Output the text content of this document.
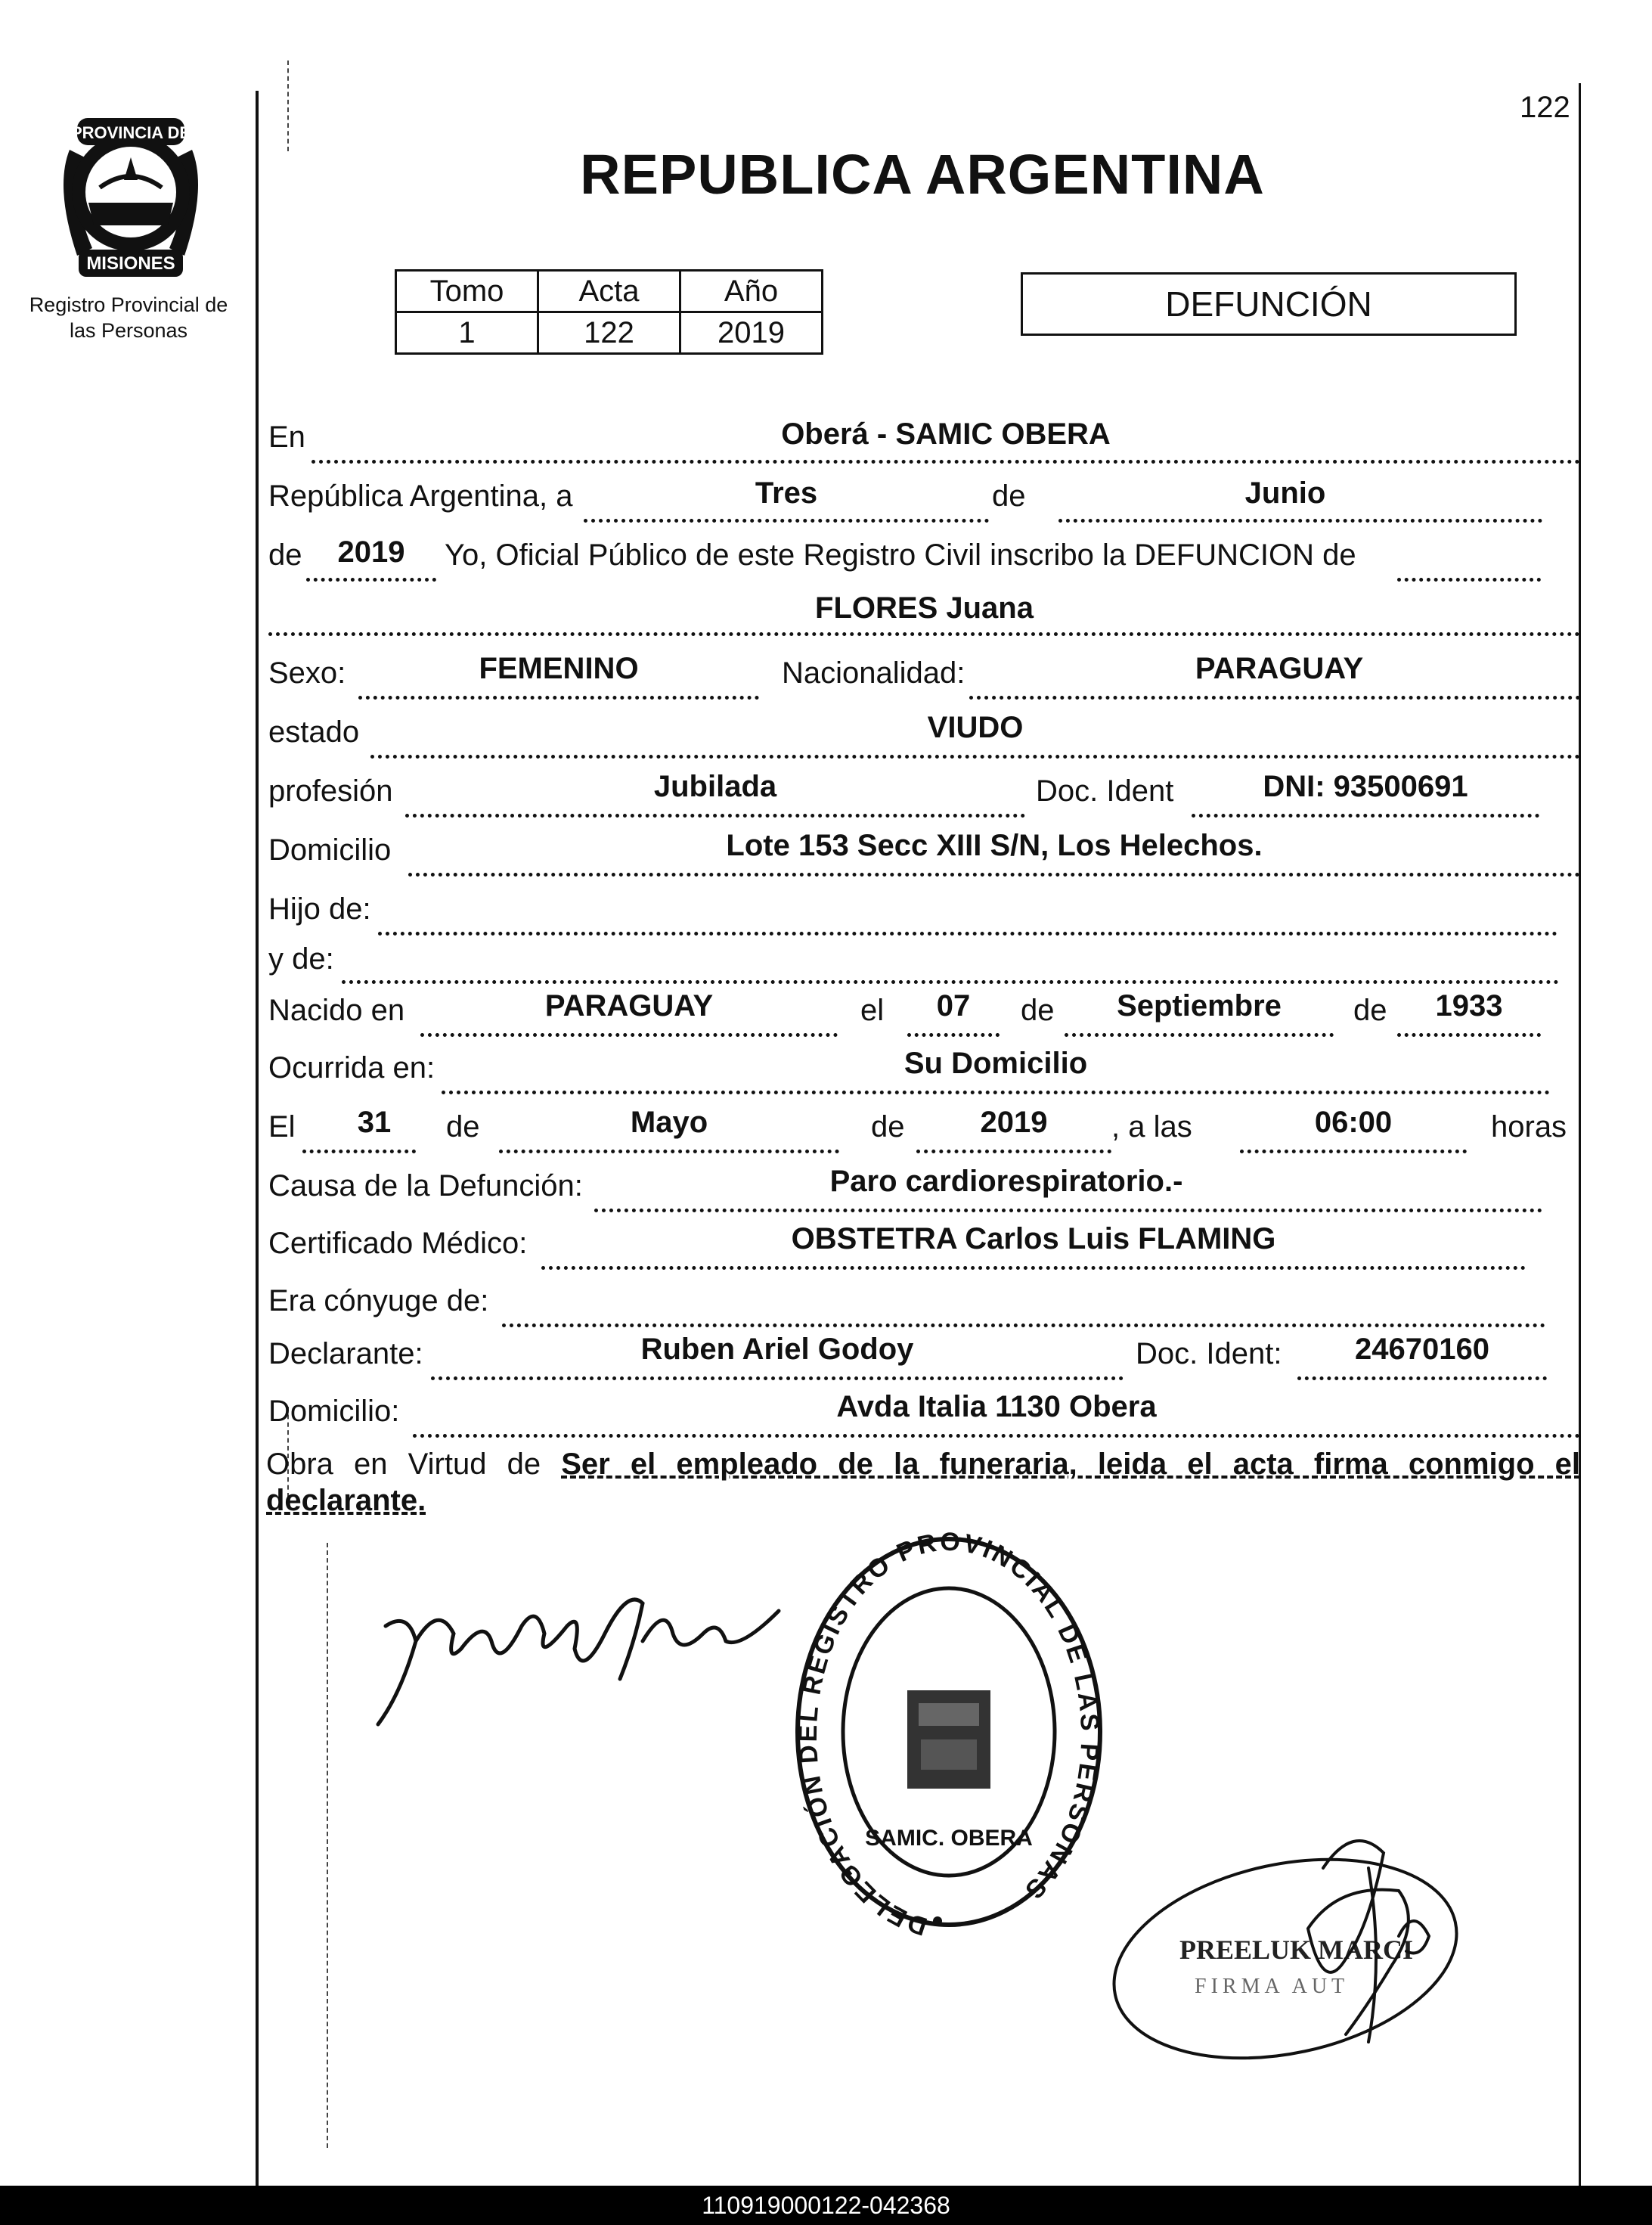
PROVINCIA DE
MISIONES
Registro Provincial de
las Personas
122
REPUBLICA ARGENTINA
Tomo	Acta	Año
1	122	2019
DEFUNCIÓN
En	Oberá - SAMIC OBERA
República Argentina, a	Tres	de	Junio
de	2019	Yo, Oficial Público de este Registro Civil inscribo la DEFUNCION de
FLORES Juana
Sexo:	FEMENINO	Nacionalidad:	PARAGUAY
estado	VIUDO
profesión	Jubilada	Doc. Ident	DNI: 93500691
Domicilio	Lote 153 Secc XIII S/N, Los Helechos.
Hijo de:
y de:
Nacido en	PARAGUAY	el	07	de	Septiembre	de	1933
Ocurrida en:	Su Domicilio
El	31	de	Mayo	de	2019	, a las	06:00	horas
Causa de la Defunción:	Paro cardiorespiratorio.-
Certificado Médico:	OBSTETRA Carlos Luis FLAMING
Era cónyuge de:
Declarante:	Ruben Ariel Godoy	Doc. Ident:	24670160
Domicilio:	Avda Italia 1130 Obera
Obra en Virtud de Ser el empleado de la funeraria, leida el acta firma conmigo el
declarante.
DELEGACIÓN DEL REGISTRO PROVINCIAL DE LAS PERSONAS
SAMIC. OBERA
PREELUK MARCI
FIRMA AUT
110919000122-042368
